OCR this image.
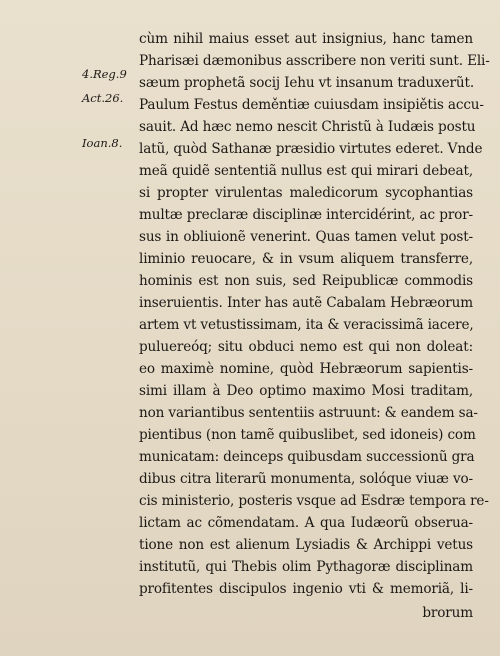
4.Reg.9
Act.26.
Ioan.8.
cùm nihil maius esset aut insignius, hanc tamen
Pharisæi dæmonibus asscribere non veriti sunt. Eli-
sæum prophetã socij Iehu vt insanum traduxerũt.
Paulum Festus deměntiæ cuiusdam insipiětis accu-
sauit. Ad hæc nemo nescit Christũ à Iudæis postu
latũ, quòd Sathanæ præsidio virtutes ederet. Vnde
meã quidẽ sententiã nullus est qui mirari debeat,
si propter virulentas maledicorum sycophantias
multæ preclaræ disciplinæ intercidérint, ac pror-
sus in obliuionẽ venerint. Quas tamen velut post-
liminio reuocare, & in vsum aliquem transferre,
hominis est non suis, sed Reipublicæ commodis
inseruientis. Inter has autẽ Cabalam Hebræorum
artem vt vetustissimam, ita & veracissimã iacere,
puluereóq; situ obduci nemo est qui non doleat:
eo maximè nomine, quòd Hebræorum sapientis-
simi illam à Deo optimo maximo Mosi traditam,
non variantibus sententiis astruunt: & eandem sa-
pientibus (non tamẽ quibuslibet, sed idoneis) com
municatam: deinceps quibusdam successionũ gra
dibus citra literarũ monumenta, solóque viuæ vo-
cis ministerio, posteris vsque ad Esdræ tempora re-
lictam ac cõmendatam. A qua Iudæorũ obserua-
tione non est alienum Lysiadis & Archippi vetus
institutũ, qui Thebis olim Pythagoræ disciplinam
profitentes discipulos ingenio vti & memoriã, li-
brorum
